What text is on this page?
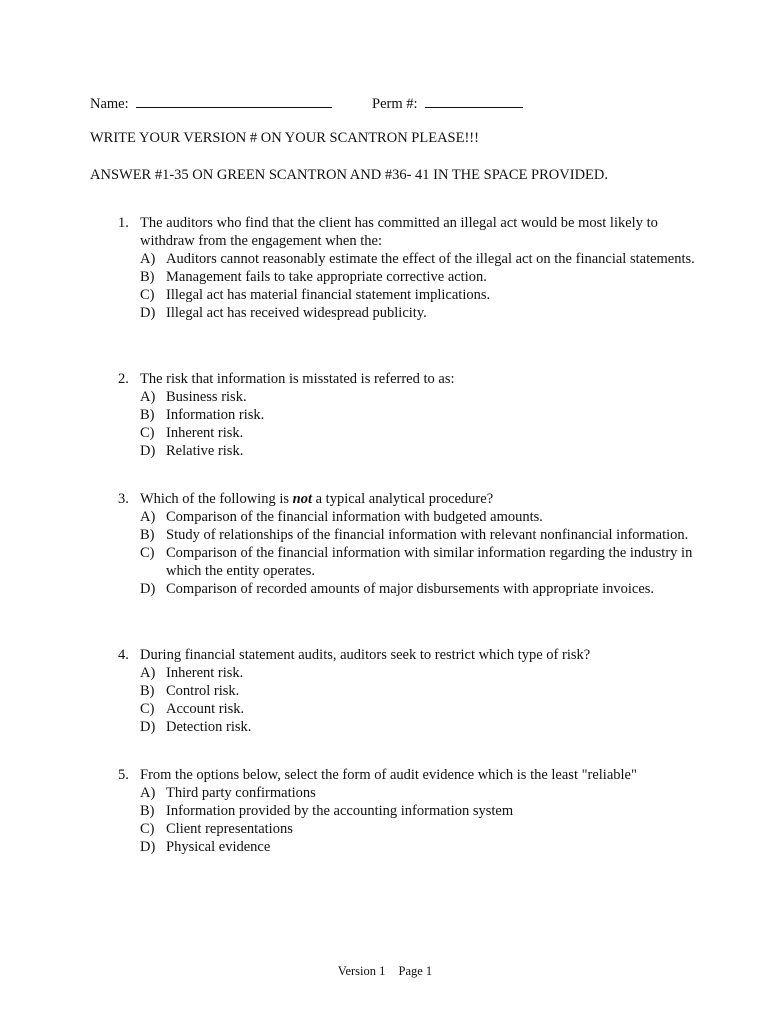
Name:	Perm #:
WRITE YOUR VERSION # ON YOUR SCANTRON PLEASE!!!
ANSWER #1-35 ON GREEN SCANTRON AND #36- 41 IN THE SPACE PROVIDED.
1. The auditors who find that the client has committed an illegal act would be most likely to withdraw from the engagement when the:
A) Auditors cannot reasonably estimate the effect of the illegal act on the financial statements.
B) Management fails to take appropriate corrective action.
C) Illegal act has material financial statement implications.
D) Illegal act has received widespread publicity.
2. The risk that information is misstated is referred to as:
A) Business risk.
B) Information risk.
C) Inherent risk.
D) Relative risk.
3. Which of the following is not a typical analytical procedure?
A) Comparison of the financial information with budgeted amounts.
B) Study of relationships of the financial information with relevant nonfinancial information.
C) Comparison of the financial information with similar information regarding the industry in which the entity operates.
D) Comparison of recorded amounts of major disbursements with appropriate invoices.
4. During financial statement audits, auditors seek to restrict which type of risk?
A) Inherent risk.
B) Control risk.
C) Account risk.
D) Detection risk.
5. From the options below, select the form of audit evidence which is the least "reliable"
A) Third party confirmations
B) Information provided by the accounting information system
C) Client representations
D) Physical evidence
Version 1 Page 1
